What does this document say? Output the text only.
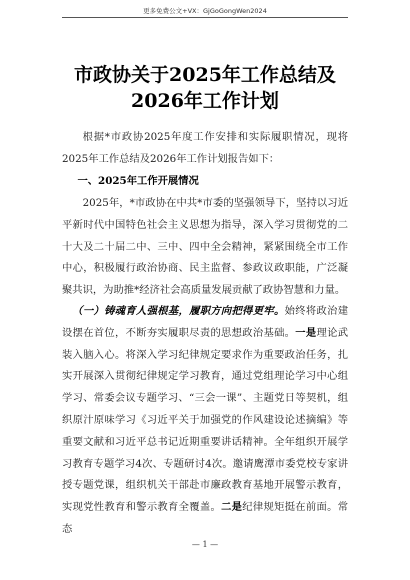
更多免费公文+VX：GjGoGongWen2024
市政协关于2025年工作总结及2026年工作计划

根据*市政协2025年度工作安排和实际履职情况，现将2025年工作总结及2026年工作计划报告如下：

一、2025年工作开展情况

2025年，*市政协在中共*市委的坚强领导下，坚持以习近平新时代中国特色社会主义思想为指导，深入学习贯彻党的二十大及二十届二中、三中、四中全会精神，紧紧围绕全市工作中心，积极履行政治协商、民主监督、参政议政职能，广泛凝聚共识，为助推*经济社会高质量发展贡献了政协智慧和力量。

（一）铸魂育人强根基，履职方向把得更牢。始终将政治建设摆在首位，不断夯实履职尽责的思想政治基础。一是理论武装入脑入心。将深入学习纪律规定要求作为重要政治任务，扎实开展深入贯彻纪律规定学习教育，通过党组理论学习中心组学习、常委会议专题学习、“三会一课”、主题党日等契机，组织原汁原味学习《习近平关于加强党的作风建设论述摘编》等重要文献和习近平总书记近期重要讲话精神。全年组织开展学习教育专题学习4次、专题研讨4次。邀请鹰潭市委党校专家讲授专题党课，组织机关干部赴市廉政教育基地开展警示教育，实现党性教育和警示教育全覆盖。二是纪律规矩挺在前面。常态

— 1 —
